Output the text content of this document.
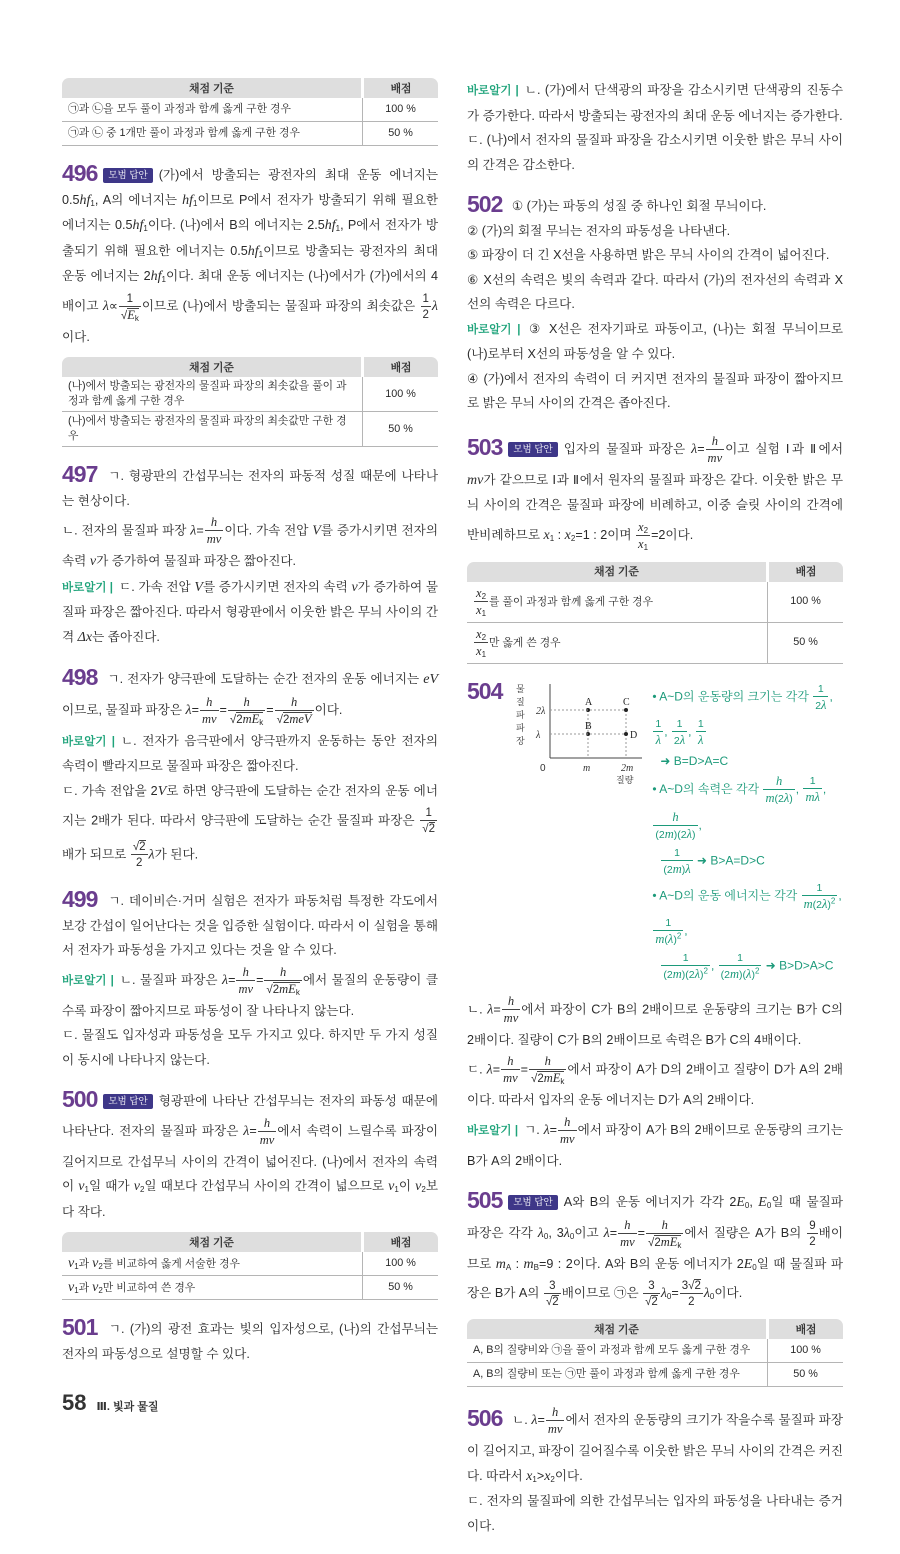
채점 기준	배점
㉠과 ㉡을 모두 풀이 과정과 함께 옳게 구한 경우	100 %
㉠과 ㉡ 중 1개만 풀이 과정과 함께 옳게 구한 경우	50 %

496 모범 답안 (가)에서 방출되는 광전자의 최대 운동 에너지는 $0.5hf_1$, A의 에너지는 $hf_1$이므로 P에서 전자가 방출되기 위해 필요한 에너지는 $0.5hf_1$이다. (나)에서 B의 에너지는 $2.5hf_1$, P에서 전자가 방출되기 위해 필요한 에너지는 $0.5hf_1$이므로 방출되는 광전자의 최대 운동 에너지는 $2hf_1$이다. 최대 운동 에너지는 (나)에서가 (가)에서의 4배이고 $\lambda\propto \frac{1}{√E_k}$ 이므로 (나)에서 방출되는 물질파 파장의 최솟값은 $\frac{1}{2}$ λ이다.

채점 기준	배점
(나)에서 방출되는 광전자의 물질파 파장의 최솟값을 풀이 과정과 함께 옳게 구한 경우	100 %
(나)에서 방출되는 광전자의 물질파 파장의 최솟값만 구한 경우	50 %

497 ㄱ. 형광판의 간섭무늬는 전자의 파동적 성질 때문에 나타나는 현상이다.

ㄴ. 전자의 물질파 파장 $\lambda= \frac{h}{mv}$ 이다. 가속 전압 V를 증가시키면 전자의 속력 v가 증가하여 물질파 파장은 짧아진다.

바로알기 | ㄷ. 가속 전압 V를 증가시키면 전자의 속력 v가 증가하여 물질파 파장은 짧아진다. 따라서 형광판에서 이웃한 밝은 무늬 사이의 간격 Δx는 좁아진다.

498 ㄱ. 전자가 양극판에 도달하는 순간 전자의 운동 에너지는 eV이므로, 물질파 파장은 $\lambda= \frac{h}{mv}$ =
h
$√2mE_k$
=
h
√2meV
이다.

바로알기 | ㄴ. 전자가 음극판에서 양극판까지 운동하는 동안 전자의 속력이 빨라지므로 물질파 파장은 짧아진다.

ㄷ. 가속 전압을 2V로 하면 양극판에 도달하는 순간 전자의 운동 에너지는 2배가 된다. 따라서 양극판에 도달하는 순간 물질파 파장은 $\frac{1}{√2}$
배가 되므로 $\frac{√2}{2}$ λ가 된다.

499 ㄱ. 데이비슨·거머 실험은 전자가 파동처럼 특정한 각도에서 보강 간섭이 일어난다는 것을 입증한 실험이다. 따라서 이 실험을 통해서 전자가 파동성을 가지고 있다는 것을 알 수 있다.

바로알기 | ㄴ. 물질파 파장은 $\lambda= \frac{h}{mv}$ =
h
$√2mE_k$
에서 물질의 운동량이 클수록 파장이 짧아지므로 파동성이 잘 나타나지 않는다.

ㄷ. 물질도 입자성과 파동성을 모두 가지고 있다. 하지만 두 가지 성질이 동시에 나타나지 않는다.

500 모범 답안 형광판에 나타난 간섭무늬는 전자의 파동성 때문에 나타난다. 전자의 물질파 파장은 $\lambda= \frac{h}{mv}$ 에서 속력이 느릴수록 파장이 길어지므로 간섭무늬 사이의 간격이 넓어진다. (나)에서 전자의 속력이 $v_1$일 때가 $v_2$일 때보다 간섭무늬 사이의 간격이 넓으므로 $v_1$이 $v_2$보다 작다.

채점 기준	배점
$v_1$과 $v_2$를 비교하여 옳게 서술한 경우	100 %
$v_1$과 $v_2$만 비교하여 쓴 경우	50 %

501 ㄱ. (가)의 광전 효과는 빛의 입자성으로, (나)의 간섭무늬는 전자의 파동성으로 설명할 수 있다.

58 Ⅲ. 빛과 물질

바로알기 | ㄴ. (가)에서 단색광의 파장을 감소시키면 단색광의 진동수가 증가한다. 따라서 방출되는 광전자의 최대 운동 에너지는 증가한다.

ㄷ. (나)에서 전자의 물질파 파장을 감소시키면 이웃한 밝은 무늬 사이의 간격은 감소한다.

502 ① (가)는 파동의 성질 중 하나인 회절 무늬이다.

② (가)의 회절 무늬는 전자의 파동성을 나타낸다.

⑤ 파장이 더 긴 X선을 사용하면 밝은 무늬 사이의 간격이 넓어진다.

⑥ X선의 속력은 빛의 속력과 같다. 따라서 (가)의 전자선의 속력과 X선의 속력은 다르다.

바로알기 | ③ X선은 전자기파로 파동이고, (나)는 회절 무늬이므로 (나)로부터 X선의 파동성을 알 수 있다.

④ (가)에서 전자의 속력이 더 커지면 전자의 물질파 파장이 짧아지므로 밝은 무늬 사이의 간격은 좁아진다.

503 모범 답안 입자의 물질파 파장은 $\lambda= \frac{h}{mv}$ 이고 실험 Ⅰ과 Ⅱ에서 mv가 같으므로 Ⅰ과 Ⅱ에서 원자의 물질파 파장은 같다. 이웃한 밝은 무늬 사이의 간격은 물질파 파장에 비례하고, 이중 슬릿 사이의 간격에 반비례하므로 $x_1$ : $x_2=1$ : 2이며 $\frac{x_2}{x_1} =2$이다.

채점 기준	배점

$\frac{x_2}{x_1}$ 를 풀이 과정과 함께 옳게 구한 경우	100 %

$\frac{x_2}{x_1}$ 만 옳게 쓴 경우	50 %
504 물
질
파
파
장
질량
0	m	2m
λ
2λ
A
B
C
D

• A~D의 운동량의 크기는 각각 $\frac{1}{2\lambda}$ ,
$\frac{1}{\lambda}$ , $\frac{1}{2\lambda}$ , $\frac{1}{\lambda}$

➜ B=D>A=C

• A~D의 속력은 각각 $\frac{h}{m(2\lambda)}$ , $\frac{1}{m\lambda}$ ,
$\frac{h}{(2m)(2\lambda)}$ ,

$\frac{1}{(2m)\lambda}$ ➜ B>A=D>C

• A~D의 운동 에너지는 각각 $\frac{1}{m(2\lambda)^2}$ ,
$\frac{1}{m(\lambda)^2}$ ,

$\frac{1}{(2m)(2\lambda)^2}$ , $\frac{1}{(2m)(\lambda)^2}$ ➜ B>D>A>C

ㄴ. $\lambda= \frac{h}{mv}$ 에서 파장이 C가 B의 2배이므로 운동량의 크기는 B가 C의 2배이다. 질량이 C가 B의 2배이므로 속력은 B가 C의 4배이다.

ㄷ. $\lambda= \frac{h}{mv}$ =
h
$√2mE_k$
에서 파장이 A가 D의 2배이고 질량이 D가 A의 2배이다. 따라서 입자의 운동 에너지는 D가 A의 2배이다.

바로알기 | ㄱ. $\lambda= \frac{h}{mv}$ 에서 파장이 A가 B의 2배이므로 운동량의 크기는 B가 A의 2배이다.

505 모범 답안 A와 B의 운동 에너지가 각각 $2E_0$, $E_0$일 때 물질파 파장은 각각 $\lambda_0$, $3\lambda_0$이고 $\lambda= \frac{h}{mv}$ =
h
$√2mE_k$
에서 질량은 A가 B의 $\frac{9}{2}$ 배이므로 $m_A$ : $m_B=9$ : 2이다. A와 B의 운동 에너지가 $2E_0$일 때 물질파 파장은 B가 A의 $\frac{3}{√2}$ 배이므로 ㉠은 $\frac{3}{√2} \lambda_0= \frac{3√2}{2} \lambda_0$이다.

채점 기준	배점
A, B의 질량비와 ㉠을 풀이 과정과 함께 모두 옳게 구한 경우	100 %
A, B의 질량비 또는 ㉠만 풀이 과정과 함께 옳게 구한 경우	50 %

506 ㄴ. $\lambda= \frac{h}{mv}$ 에서 전자의 운동량의 크기가 작을수록 물질파 파장이 길어지고, 파장이 길어질수록 이웃한 밝은 무늬 사이의 간격은 커진다. 따라서 $x_1>x_2$이다.

ㄷ. 전자의 물질파에 의한 간섭무늬는 입자의 파동성을 나타내는 증거이다.
